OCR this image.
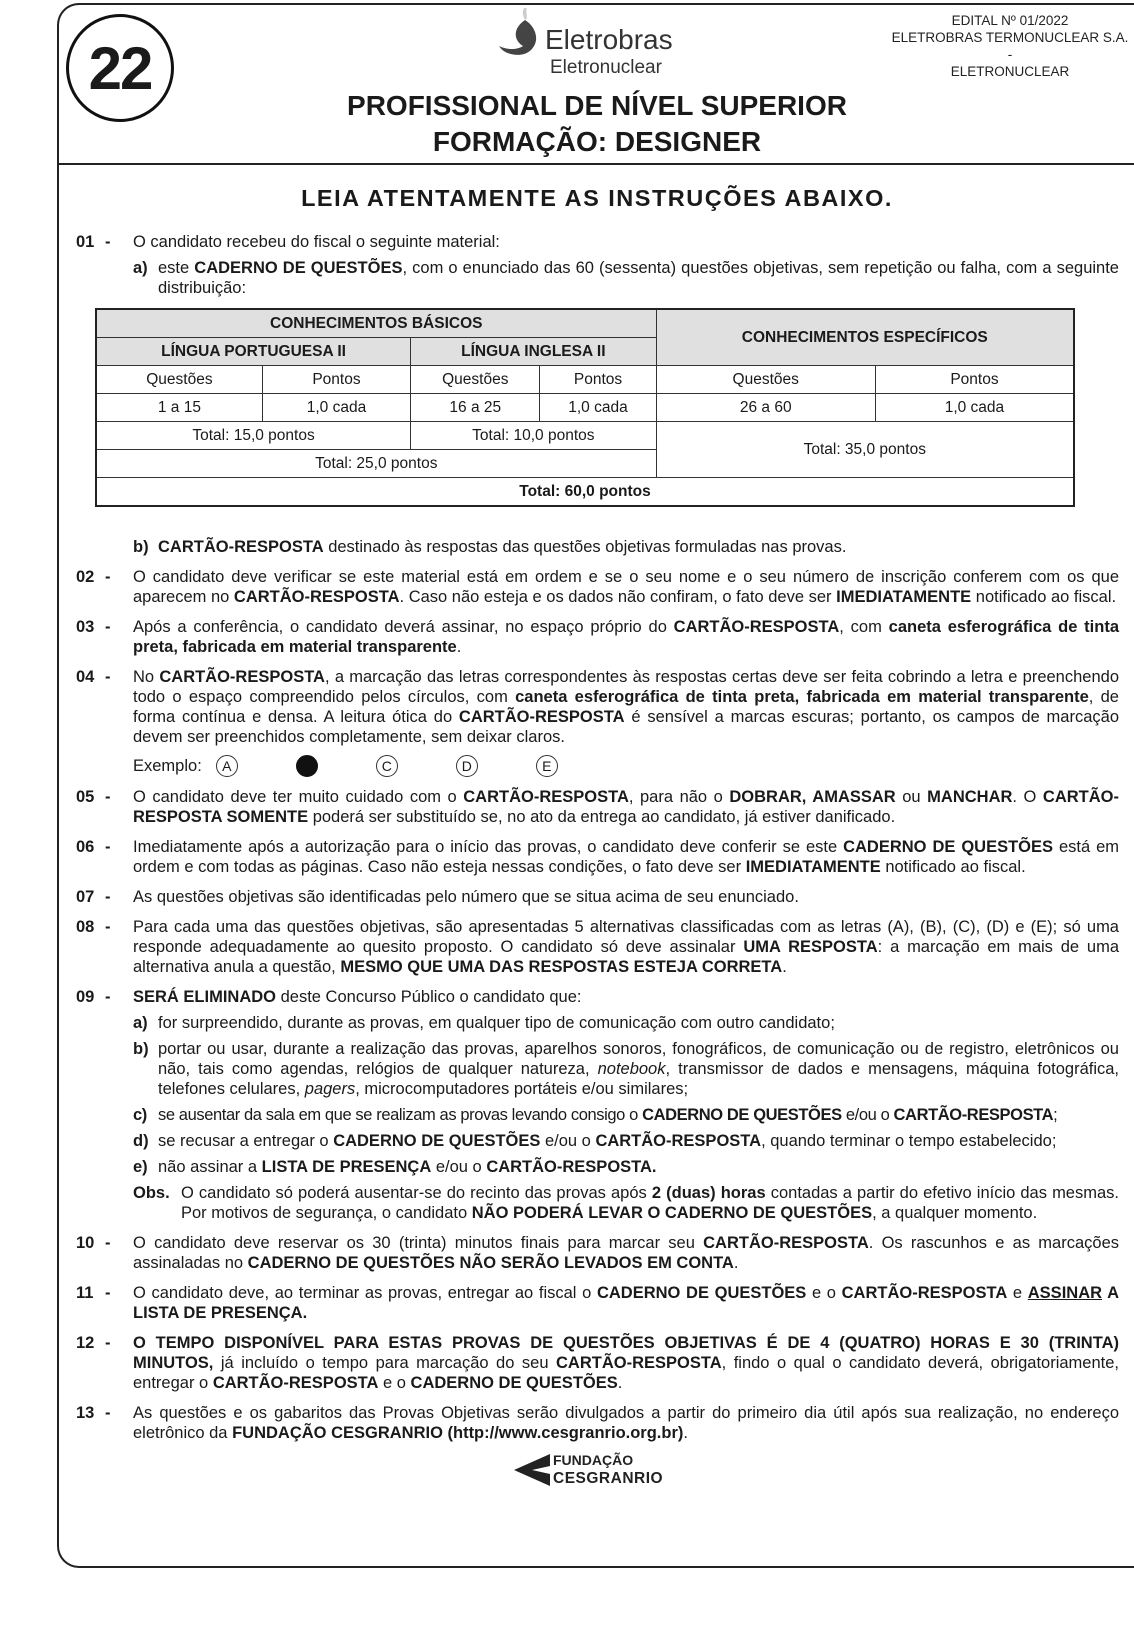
22	Eletrobras
Eletronuclear
EDITAL Nº 01/2022
ELETROBRAS TERMONUCLEAR S.A. -
ELETRONUCLEAR
PROFISSIONAL DE NÍVEL SUPERIOR
FORMAÇÃO: DESIGNER
LEIA ATENTAMENTE AS INSTRUÇÕES ABAIXO.
01 - O candidato recebeu do fiscal o seguinte material:
a) este CADERNO DE QUESTÕES, com o enunciado das 60 (sessenta) questões objetivas, sem repetição ou falha, com a seguinte distribuição:
CONHECIMENTOS BÁSICOS				CONHECIMENTOS ESPECÍFICOS	
LÍNGUA PORTUGUESA II		LÍNGUA INGLESA II			
Questões	Pontos	Questões	Pontos	Questões	Pontos
1 a 15	1,0 cada	16 a 25	1,0 cada	26 a 60	1,0 cada
Total: 15,0 pontos		Total: 10,0 pontos		Total: 35,0 pontos	
Total: 25,0 pontos					
Total: 60,0 pontos					
b) CARTÃO-RESPOSTA destinado às respostas das questões objetivas formuladas nas provas.
02 - O candidato deve verificar se este material está em ordem e se o seu nome e o seu número de inscrição conferem com os que aparecem no CARTÃO-RESPOSTA. Caso não esteja e os dados não confiram, o fato deve ser IMEDIATAMENTE notificado ao fiscal.
03 - Após a conferência, o candidato deverá assinar, no espaço próprio do CARTÃO-RESPOSTA, com caneta esferográfica de tinta preta, fabricada em material transparente.
04 - No CARTÃO-RESPOSTA, a marcação das letras correspondentes às respostas certas deve ser feita cobrindo a letra e preenchendo todo o espaço compreendido pelos círculos, com caneta esferográfica de tinta preta, fabricada em material transparente, de forma contínua e densa. A leitura ótica do CARTÃO-RESPOSTA é sensível a marcas escuras; portanto, os campos de marcação devem ser preenchidos completamente, sem deixar claros.
Exemplo:	A	C	D	E
05 - O candidato deve ter muito cuidado com o CARTÃO-RESPOSTA, para não o DOBRAR, AMASSAR ou MANCHAR. O CARTÃO-RESPOSTA SOMENTE poderá ser substituído se, no ato da entrega ao candidato, já estiver danificado.
06 - Imediatamente após a autorização para o início das provas, o candidato deve conferir se este CADERNO DE QUESTÕES está em ordem e com todas as páginas. Caso não esteja nessas condições, o fato deve ser IMEDIATAMENTE notificado ao fiscal.
07 - As questões objetivas são identificadas pelo número que se situa acima de seu enunciado.
08 - Para cada uma das questões objetivas, são apresentadas 5 alternativas classificadas com as letras (A), (B), (C), (D) e (E); só uma responde adequadamente ao quesito proposto. O candidato só deve assinalar UMA RESPOSTA: a marcação em mais de uma alternativa anula a questão, MESMO QUE UMA DAS RESPOSTAS ESTEJA CORRETA.
09 - SERÁ ELIMINADO deste Concurso Público o candidato que:
a) for surpreendido, durante as provas, em qualquer tipo de comunicação com outro candidato;
b) portar ou usar, durante a realização das provas, aparelhos sonoros, fonográficos, de comunicação ou de registro, eletrônicos ou não, tais como agendas, relógios de qualquer natureza, notebook, transmissor de dados e mensagens, máquina fotográfica, telefones celulares, pagers, microcomputadores portáteis e/ou similares;
c) se ausentar da sala em que se realizam as provas levando consigo o CADERNO DE QUESTÕES e/ou o CARTÃO-RESPOSTA;
d) se recusar a entregar o CADERNO DE QUESTÕES e/ou o CARTÃO-RESPOSTA, quando terminar o tempo estabelecido;
e) não assinar a LISTA DE PRESENÇA e/ou o CARTÃO-RESPOSTA.
Obs. O candidato só poderá ausentar-se do recinto das provas após 2 (duas) horas contadas a partir do efetivo início das mesmas. Por motivos de segurança, o candidato NÃO PODERÁ LEVAR O CADERNO DE QUESTÕES, a qualquer momento.
10 - O candidato deve reservar os 30 (trinta) minutos finais para marcar seu CARTÃO-RESPOSTA. Os rascunhos e as marcações assinaladas no CADERNO DE QUESTÕES NÃO SERÃO LEVADOS EM CONTA.
11 - O candidato deve, ao terminar as provas, entregar ao fiscal o CADERNO DE QUESTÕES e o CARTÃO-RESPOSTA e ASSINAR A LISTA DE PRESENÇA.
12 - O TEMPO DISPONÍVEL PARA ESTAS PROVAS DE QUESTÕES OBJETIVAS É DE 4 (QUATRO) HORAS E 30 (TRINTA) MINUTOS, já incluído o tempo para marcação do seu CARTÃO-RESPOSTA, findo o qual o candidato deverá, obrigatoriamente, entregar o CARTÃO-RESPOSTA e o CADERNO DE QUESTÕES.
13 - As questões e os gabaritos das Provas Objetivas serão divulgados a partir do primeiro dia útil após sua realização, no endereço eletrônico da FUNDAÇÃO CESGRANRIO (http://www.cesgranrio.org.br).
FUNDAÇÃO
CESGRANRIO
